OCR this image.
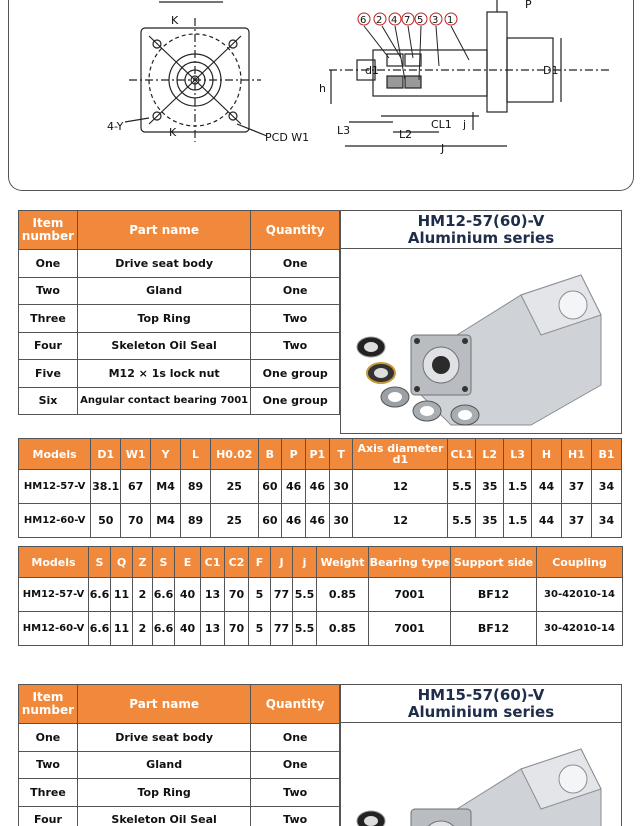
K
K
4-Y
PCD W1
6 2 4 7 5 3 1
P
D1
h
d1
CL1
L2
L3	j
J
Item number	Part name	Quantity
One	Drive seat body	One
Two	Gland	One
Three	Top Ring	Two
Four	Skeleton Oil Seal	Two
Five	M12 × 1s lock nut	One group
Six	Angular contact bearing 7001	One group
HM12-57(60)-V
Aluminium series
Models	D1	W1	Y	L	H0.02	B	P	P1	T	Axis diameter d1	CL1	L2	L3	H	H1	B1
HM12-57-V	38.1	67	M4	89	25	60	46	46	30	12	5.5	35	1.5	44	37	34
HM12-60-V	50	70	M4	89	25	60	46	46	30	12	5.5	35	1.5	44	37	34
Models	S	Q	Z	S	E	C1	C2	F	J	j	Weight	Bearing type	Support side	Coupling
HM12-57-V	6.6	11	2	6.6	40	13	70	5	77	5.5	0.85	7001	BF12	30-42010-14
HM12-60-V	6.6	11	2	6.6	40	13	70	5	77	5.5	0.85	7001	BF12	30-42010-14
Item number	Part name	Quantity
One	Drive seat body	One
Two	Gland	One
Three	Top Ring	Two
Four	Skeleton Oil Seal	Two
HM15-57(60)-V
Aluminium series
